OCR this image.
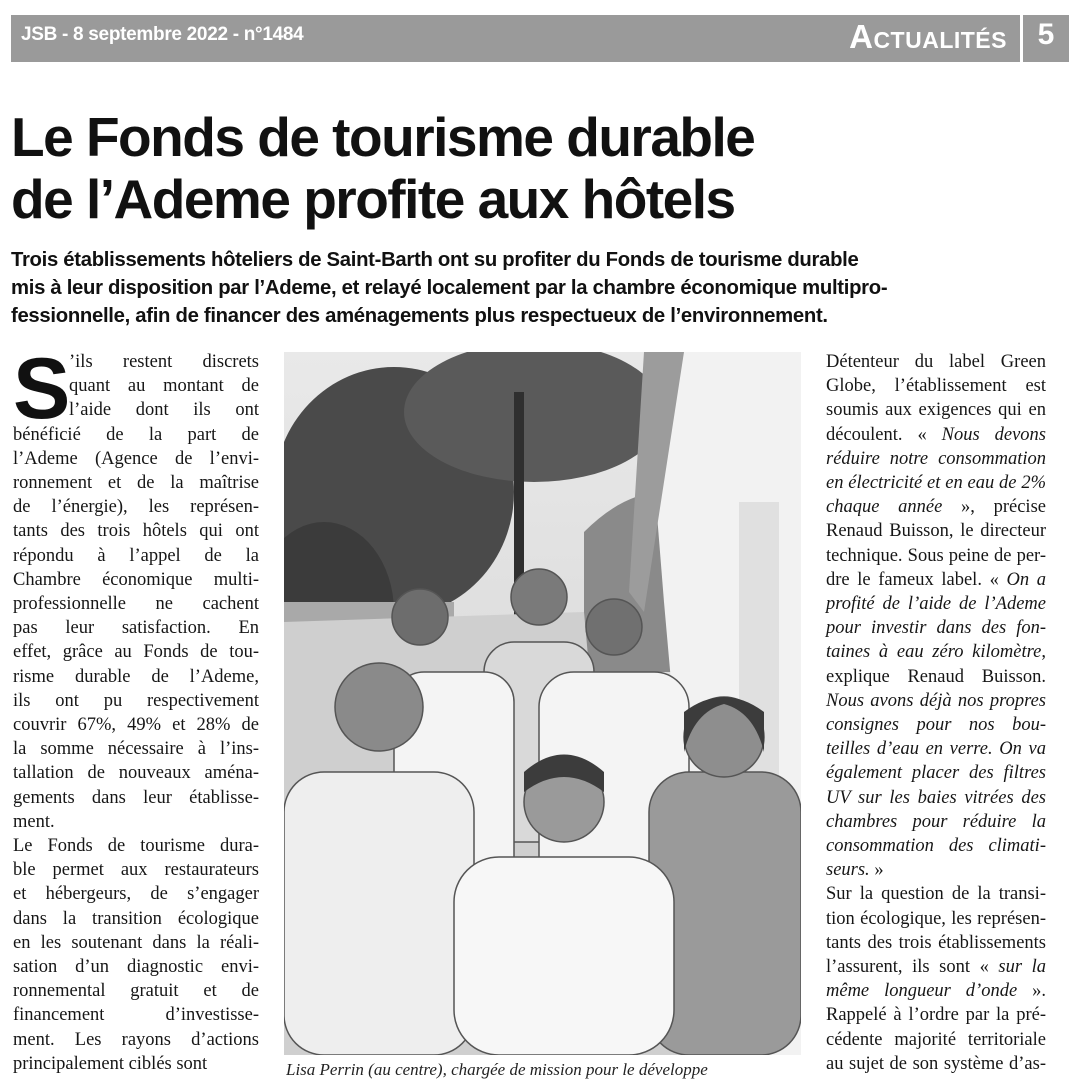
JSB - 8 septembre 2022 - n°1484	Actualités	5
Le Fonds de tourisme durable
de l’Ademe profite aux hôtels

Trois établissements hôteliers de Saint-Barth ont su profiter du Fonds de tourisme durable
mis à leur disposition par l’Ademe, et relayé localement par la chambre économique multipro-
fessionnelle, afin de financer des aménagements plus respectueux de l’environnement.

S
’ils restent discrets
quant au montant de
l’aide dont ils ont
bénéficié de la part de
l’Ademe (Agence de l’envi-
ronnement et de la maîtrise
de l’énergie), les représen-
tants des trois hôtels qui ont
répondu à l’appel de la
Chambre économique multi-
professionnelle ne cachent
pas leur satisfaction. En
effet, grâce au Fonds de tou-
risme durable de l’Ademe,
ils ont pu respectivement
couvrir 67%, 49% et 28% de
la somme nécessaire à l’ins-
tallation de nouveaux aména-
gements dans leur établisse-
ment.
Le Fonds de tourisme dura-
ble permet aux restaurateurs
et hébergeurs, de s’engager
dans la transition écologique
en les soutenant dans la réali-
sation d’un diagnostic envi-
ronnemental gratuit et de
financement d’investisse-
ment. Les rayons d’actions
principalement ciblés sont	Lisa Perrin (au centre), chargée de mission pour le développe
Détenteur du label Green
Globe, l’établissement est
soumis aux exigences qui en
découlent. « Nous devons
réduire notre consommation
en électricité et en eau de 2%
chaque année », précise
Renaud Buisson, le directeur
technique. Sous peine de per-
dre le fameux label. « On a
profité de l’aide de l’Ademe
pour investir dans des fon-
taines à eau zéro kilomètre,
explique Renaud Buisson.
Nous avons déjà nos propres
consignes pour nos bou-
teilles d’eau en verre. On va
également placer des filtres
UV sur les baies vitrées des
chambres pour réduire la
consommation des climati-
seurs. »
Sur la question de la transi-
tion écologique, les représen-
tants des trois établissements
l’assurent, ils sont « sur la
même longueur d’onde ».
Rappelé à l’ordre par la pré-
cédente majorité territoriale
au sujet de son système d’as-
